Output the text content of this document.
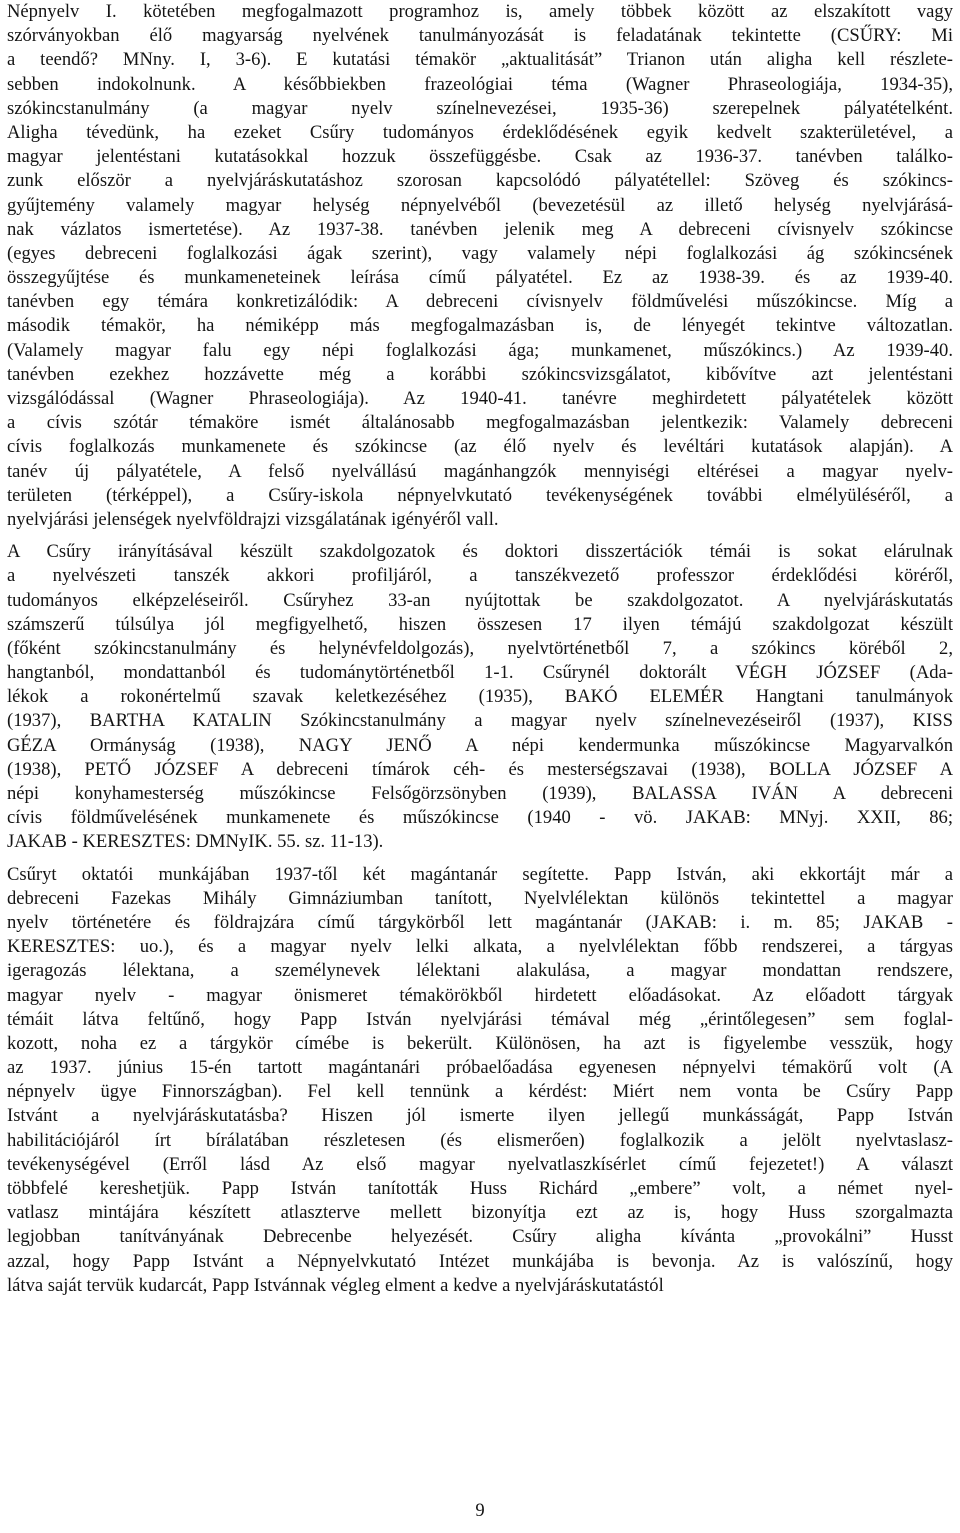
Népnyelv I. kötetében megfogalmazott programhoz is, amely többek között az elszakított vagy
szórványokban élő magyarság nyelvének tanulmányozását is feladatának tekintette (CSŰRY: Mi
a teendő? MNny. I, 3-6). E kutatási témakör „aktualitását” Trianon után aligha kell részlete-
sebben indokolnunk. A későbbiekben frazeológiai téma (Wagner Phraseologiája, 1934-35),
szókincstanulmány (a magyar nyelv színelnevezései, 1935-36) szerepelnek pályatételként.
Aligha tévedünk, ha ezeket Csűry tudományos érdeklődésének egyik kedvelt szakterületével, a
magyar jelentéstani kutatásokkal hozzuk összefüggésbe. Csak az 1936-37. tanévben találko-
zunk először a nyelvjáráskutatáshoz szorosan kapcsolódó pályatétellel: Szöveg és szókincs-
gyűjtemény valamely magyar helység népnyelvéből (bevezetésül az illető helység nyelvjárásá-
nak vázlatos ismertetése). Az 1937-38. tanévben jelenik meg A debreceni cívisnyelv szókincse
(egyes debreceni foglalkozási ágak szerint), vagy valamely népi foglalkozási ág szókincsének
összegyűjtése és munkameneteinek leírása című pályatétel. Ez az 1938-39. és az 1939-40.
tanévben egy témára konkretizálódik: A debreceni cívisnyelv földművelési műszókincse. Míg a
második témakör, ha némiképp más megfogalmazásban is, de lényegét tekintve változatlan.
(Valamely magyar falu egy népi foglalkozási ága; munkamenet, műszókincs.) Az 1939-40.
tanévben ezekhez hozzávette még a korábbi szókincsvizsgálatot, kibővítve azt jelentéstani
vizsgálódással (Wagner Phraseologiája). Az 1940-41. tanévre meghirdetett pályatételek között
a cívis szótár témaköre ismét általánosabb megfogalmazásban jelentkezik: Valamely debreceni
cívis foglalkozás munkamenete és szókincse (az élő nyelv és levéltári kutatások alapján). A
tanév új pályatétele, A felső nyelvállású magánhangzók mennyiségi eltérései a magyar nyelv-
területen (térképpel), a Csűry-iskola népnyelvkutató tevékenységének további elmélyüléséről, a
nyelvjárási jelenségek nyelvföldrajzi vizsgálatának igényéről vall.
A Csűry irányításával készült szakdolgozatok és doktori disszertációk témái is sokat elárulnak
a nyelvészeti tanszék akkori profiljáról, a tanszékvezető professzor érdeklődési köréről,
tudományos elképzeléseiről. Csűryhez 33-an nyújtottak be szakdolgozatot. A nyelvjáráskutatás
számszerű túlsúlya jól megfigyelhető, hiszen összesen 17 ilyen témájú szakdolgozat készült
(főként szókincstanulmány és helynévfeldolgozás), nyelvtörténetből 7, a szókincs köréből 2,
hangtanból, mondattanból és tudománytörténetből 1-1. Csűrynél doktorált VÉGH JÓZSEF (Ada-
lékok a rokonértelmű szavak keletkezéséhez (1935), BAKÓ ELEMÉR Hangtani tanulmányok
(1937), BARTHA KATALIN Szókincstanulmány a magyar nyelv színelnevezéseiről (1937), KISS
GÉZA Ormányság (1938), NAGY JENŐ A népi kendermunka műszókincse Magyarvalkón
(1938), PETŐ JÓZSEF A debreceni tímárok céh- és mesterségszavai (1938), BOLLA JÓZSEF A
népi konyhamesterség műszókincse Felsőgörzsönyben (1939), BALASSA IVÁN A debreceni
cívis földművelésének munkamenete és műszókincse (1940 - vö. JAKAB: MNyj. XXII, 86;
JAKAB - KERESZTES: DMNyIK. 55. sz. 11-13).
Csűryt oktatói munkájában 1937-től két magántanár segítette. Papp István, aki ekkortájt már a
debreceni Fazekas Mihály Gimnáziumban tanított, Nyelvlélektan különös tekintettel a magyar
nyelv történetére és földrajzára című tárgykörből lett magántanár (JAKAB: i. m. 85; JAKAB -
KERESZTES: uo.), és a magyar nyelv lelki alkata, a nyelvlélektan főbb rendszerei, a tárgyas
igeragozás lélektana, a személynevek lélektani alakulása, a magyar mondattan rendszere,
magyar nyelv - magyar önismeret témakörökből hirdetett előadásokat. Az előadott tárgyak
témáit látva feltűnő, hogy Papp István nyelvjárási témával még „érintőlegesen” sem fog​lal-
kozott, noha ez a tárgykör címébe is bekerült. Különösen, ha azt is figyelembe vesszük, hogy
az 1937. június 15-én tartott magántanári próbaelőadása egyenesen népnyelvi témakörű volt (A
népnyelv ügye Finnországban). Fel kell tennünk a kérdést: Miért nem vonta be Csűry Papp
Istvánt a nyelvjáráskutatásba? Hiszen jól ismerte ilyen jellegű munkásságát, Papp István
habilitációjáról írt bírálatában részletesen (és elismerően) foglalkozik a jelölt nyelvtaslasz-
tevékenységével (Erről lásd Az első magyar nyelvatlaszkísérlet című fejezetet!) A választ
többfelé kereshetjük. Papp István tanították Huss Richárd „embere” volt, a német nyel-
vatlasz mintájára készített atlaszterve mellett bizonyítja ezt az is, hogy Huss szorgalmazta
legjobban tanítványának Debrecenbe helyezését. Csűry aligha kívánta „provokálni” Husst
azzal, hogy Papp Istvánt a Népnyelvkutató Intézet munkájába is bevonja. Az is valószínű, hogy
látva saját tervük kudarcát, Papp Istvánnak végleg elment a kedve a nyelvjáráskutatástól
9
